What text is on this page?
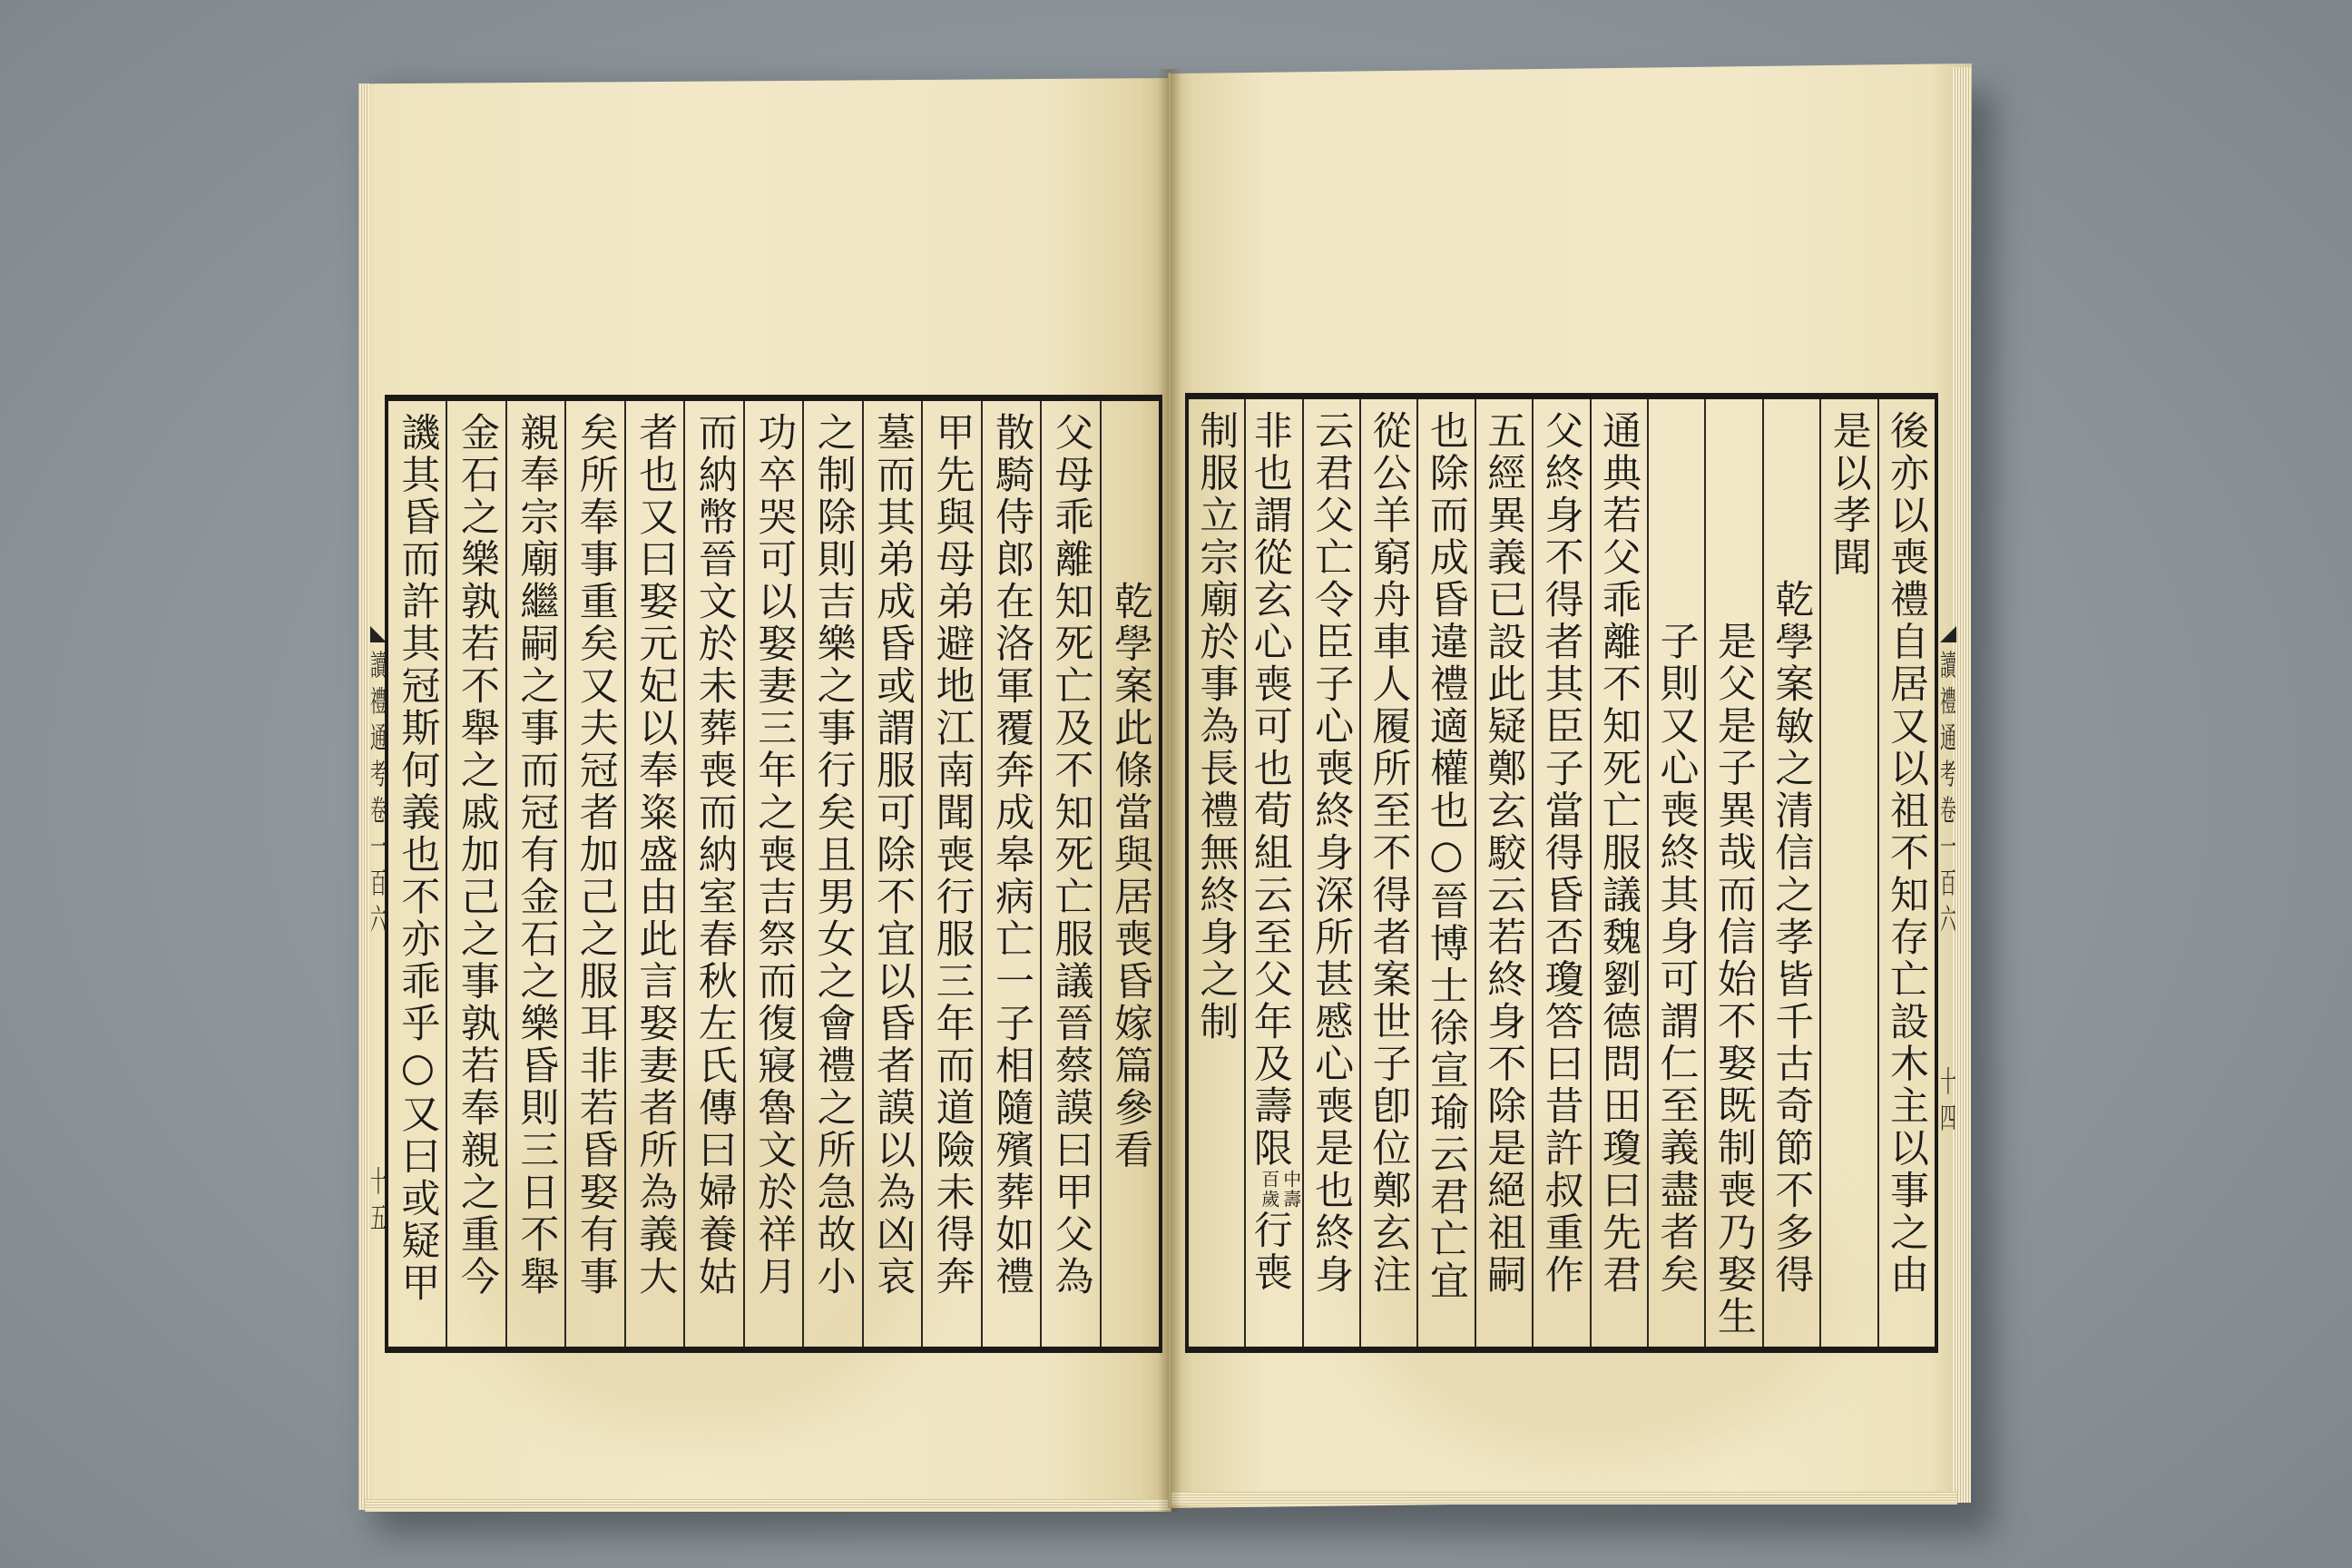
讀禮通考卷一百六
十五
乾學案此條當與居喪昏嫁篇參看
父母乖離知死亡及不知死亡服議晉蔡謨曰甲父為
散騎侍郎在洛軍覆奔成皋病亡一子相隨殯葬如禮
甲先與母弟避地江南聞喪行服三年而道險未得奔
墓而其弟成昏或謂服可除不宜以昏者謨以為凶哀
之制除則吉樂之事行矣且男女之會禮之所急故小
功卒哭可以娶妻三年之喪吉祭而復寢魯文於祥月
而納幣晉文於未葬喪而納室春秋左氏傳曰婦養姑
者也又曰娶元妃以奉粢盛由此言娶妻者所為義大
矣所奉事重矣又夫冠者加己之服耳非若昏娶有事
親奉宗廟繼嗣之事而冠有金石之樂昏則三日不舉
金石之樂孰若不舉之戚加己之事孰若奉親之重今
譏其昏而許其冠斯何義也不亦乖乎○又曰或疑甲	後亦以喪禮自居又以祖不知存亡設木主以事之由
是以孝聞
乾學案敏之清信之孝皆千古奇節不多得
是父是子異哉而信始不娶既制喪乃娶生
子則又心喪終其身可謂仁至義盡者矣
通典若父乖離不知死亡服議魏劉德問田瓊曰先君
父終身不得者其臣子當得昏否瓊答曰昔許叔重作
五經異義已設此疑鄭玄駮云若終身不除是絕祖嗣
也除而成昏違禮適權也○晉博士徐宣瑜云君亡宜
從公羊窮舟車人履所至不得者案世子卽位鄭玄注
云君父亡令臣子心喪終身深所甚慼心喪是也終身
非也謂從玄心喪可也荀組云至父年及壽限
中壽
百歲
行喪
制服立宗廟於事為長禮無終身之制	讀禮通考卷一百六
十四
